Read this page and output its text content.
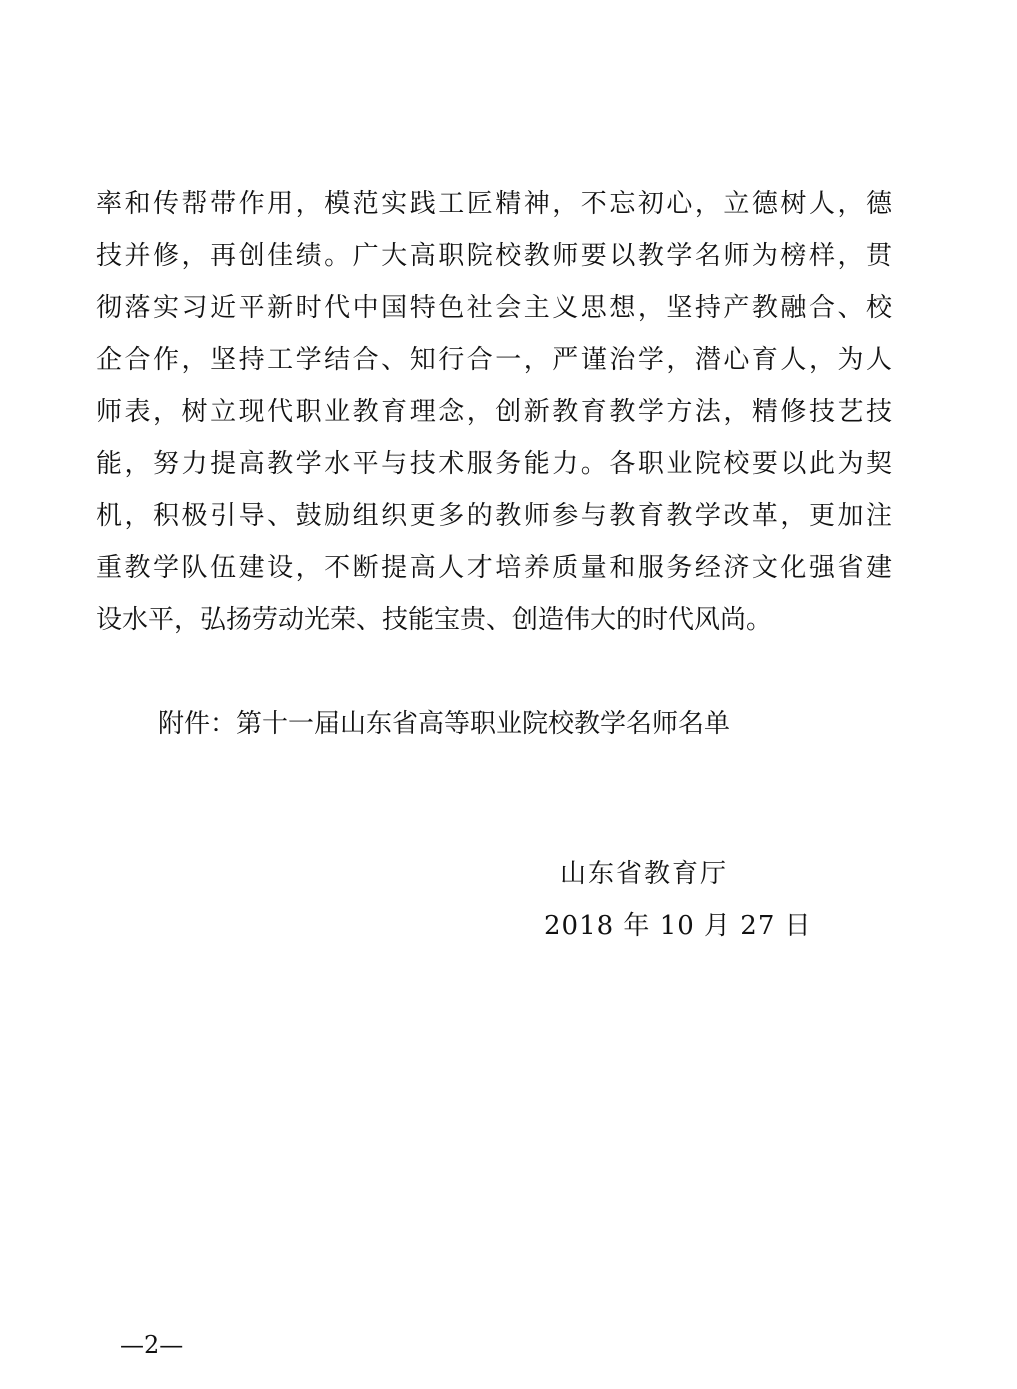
率和传帮带作用，模范实践工匠精神，不忘初心，立德树人，德
技并修，再创佳绩。广大高职院校教师要以教学名师为榜样，贯
彻落实习近平新时代中国特色社会主义思想，坚持产教融合、校
企合作，坚持工学结合、知行合一，严谨治学，潜心育人，为人
师表，树立现代职业教育理念，创新教育教学方法，精修技艺技
能，努力提高教学水平与技术服务能力。各职业院校要以此为契
机，积极引导、鼓励组织更多的教师参与教育教学改革，更加注
重教学队伍建设，不断提高人才培养质量和服务经济文化强省建
设水平，弘扬劳动光荣、技能宝贵、创造伟大的时代风尚。
附件：第十一届山东省高等职业院校教学名师名单
山东省教育厅
2018 年 10 月 27 日
—2—
